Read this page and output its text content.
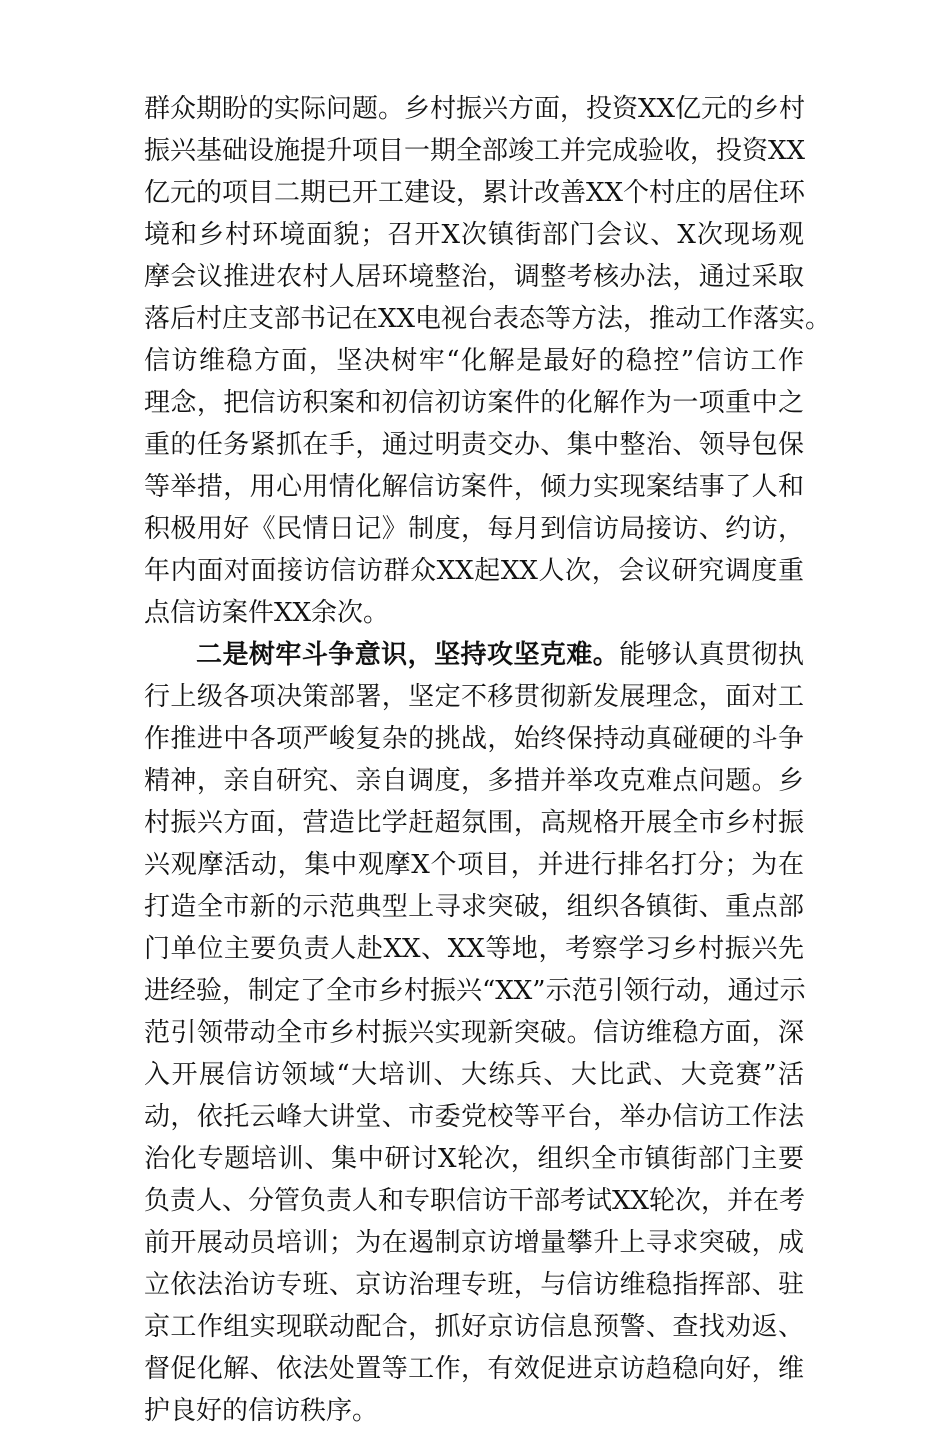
群众期盼的实际问题。乡村振兴方面，投资XX亿元的乡村
振兴基础设施提升项目一期全部竣工并完成验收，投资XX
亿元的项目二期已开工建设，累计改善XX个村庄的居住环
境和乡村环境面貌；召开X次镇街部门会议、X次现场观
摩会议推进农村人居环境整治，调整考核办法，通过采取
落后村庄支部书记在XX电视台表态等方法，推动工作落实。
信访维稳方面，坚决树牢“化解是最好的稳控”信访工作
理念，把信访积案和初信初访案件的化解作为一项重中之
重的任务紧抓在手，通过明责交办、集中整治、领导包保
等举措，用心用情化解信访案件，倾力实现案结事了人和
积极用好《民情日记》制度，每月到信访局接访、约访，
年内面对面接访信访群众XX起XX人次，会议研究调度重
点信访案件XX余次。
二是树牢斗争意识，坚持攻坚克难。能够认真贯彻执
行上级各项决策部署，坚定不移贯彻新发展理念，面对工
作推进中各项严峻复杂的挑战，始终保持动真碰硬的斗争
精神，亲自研究、亲自调度，多措并举攻克难点问题。乡
村振兴方面，营造比学赶超氛围，高规格开展全市乡村振
兴观摩活动，集中观摩X个项目，并进行排名打分；为在
打造全市新的示范典型上寻求突破，组织各镇街、重点部
门单位主要负责人赴XX、XX等地，考察学习乡村振兴先
进经验，制定了全市乡村振兴“XX”示范引领行动，通过示
范引领带动全市乡村振兴实现新突破。信访维稳方面，深
入开展信访领域“大培训、大练兵、大比武、大竞赛”活
动，依托云峰大讲堂、市委党校等平台，举办信访工作法
治化专题培训、集中研讨X轮次，组织全市镇街部门主要
负责人、分管负责人和专职信访干部考试XX轮次，并在考
前开展动员培训；为在遏制京访增量攀升上寻求突破，成
立依法治访专班、京访治理专班，与信访维稳指挥部、驻
京工作组实现联动配合，抓好京访信息预警、查找劝返、
督促化解、依法处置等工作，有效促进京访趋稳向好，维
护良好的信访秩序。
